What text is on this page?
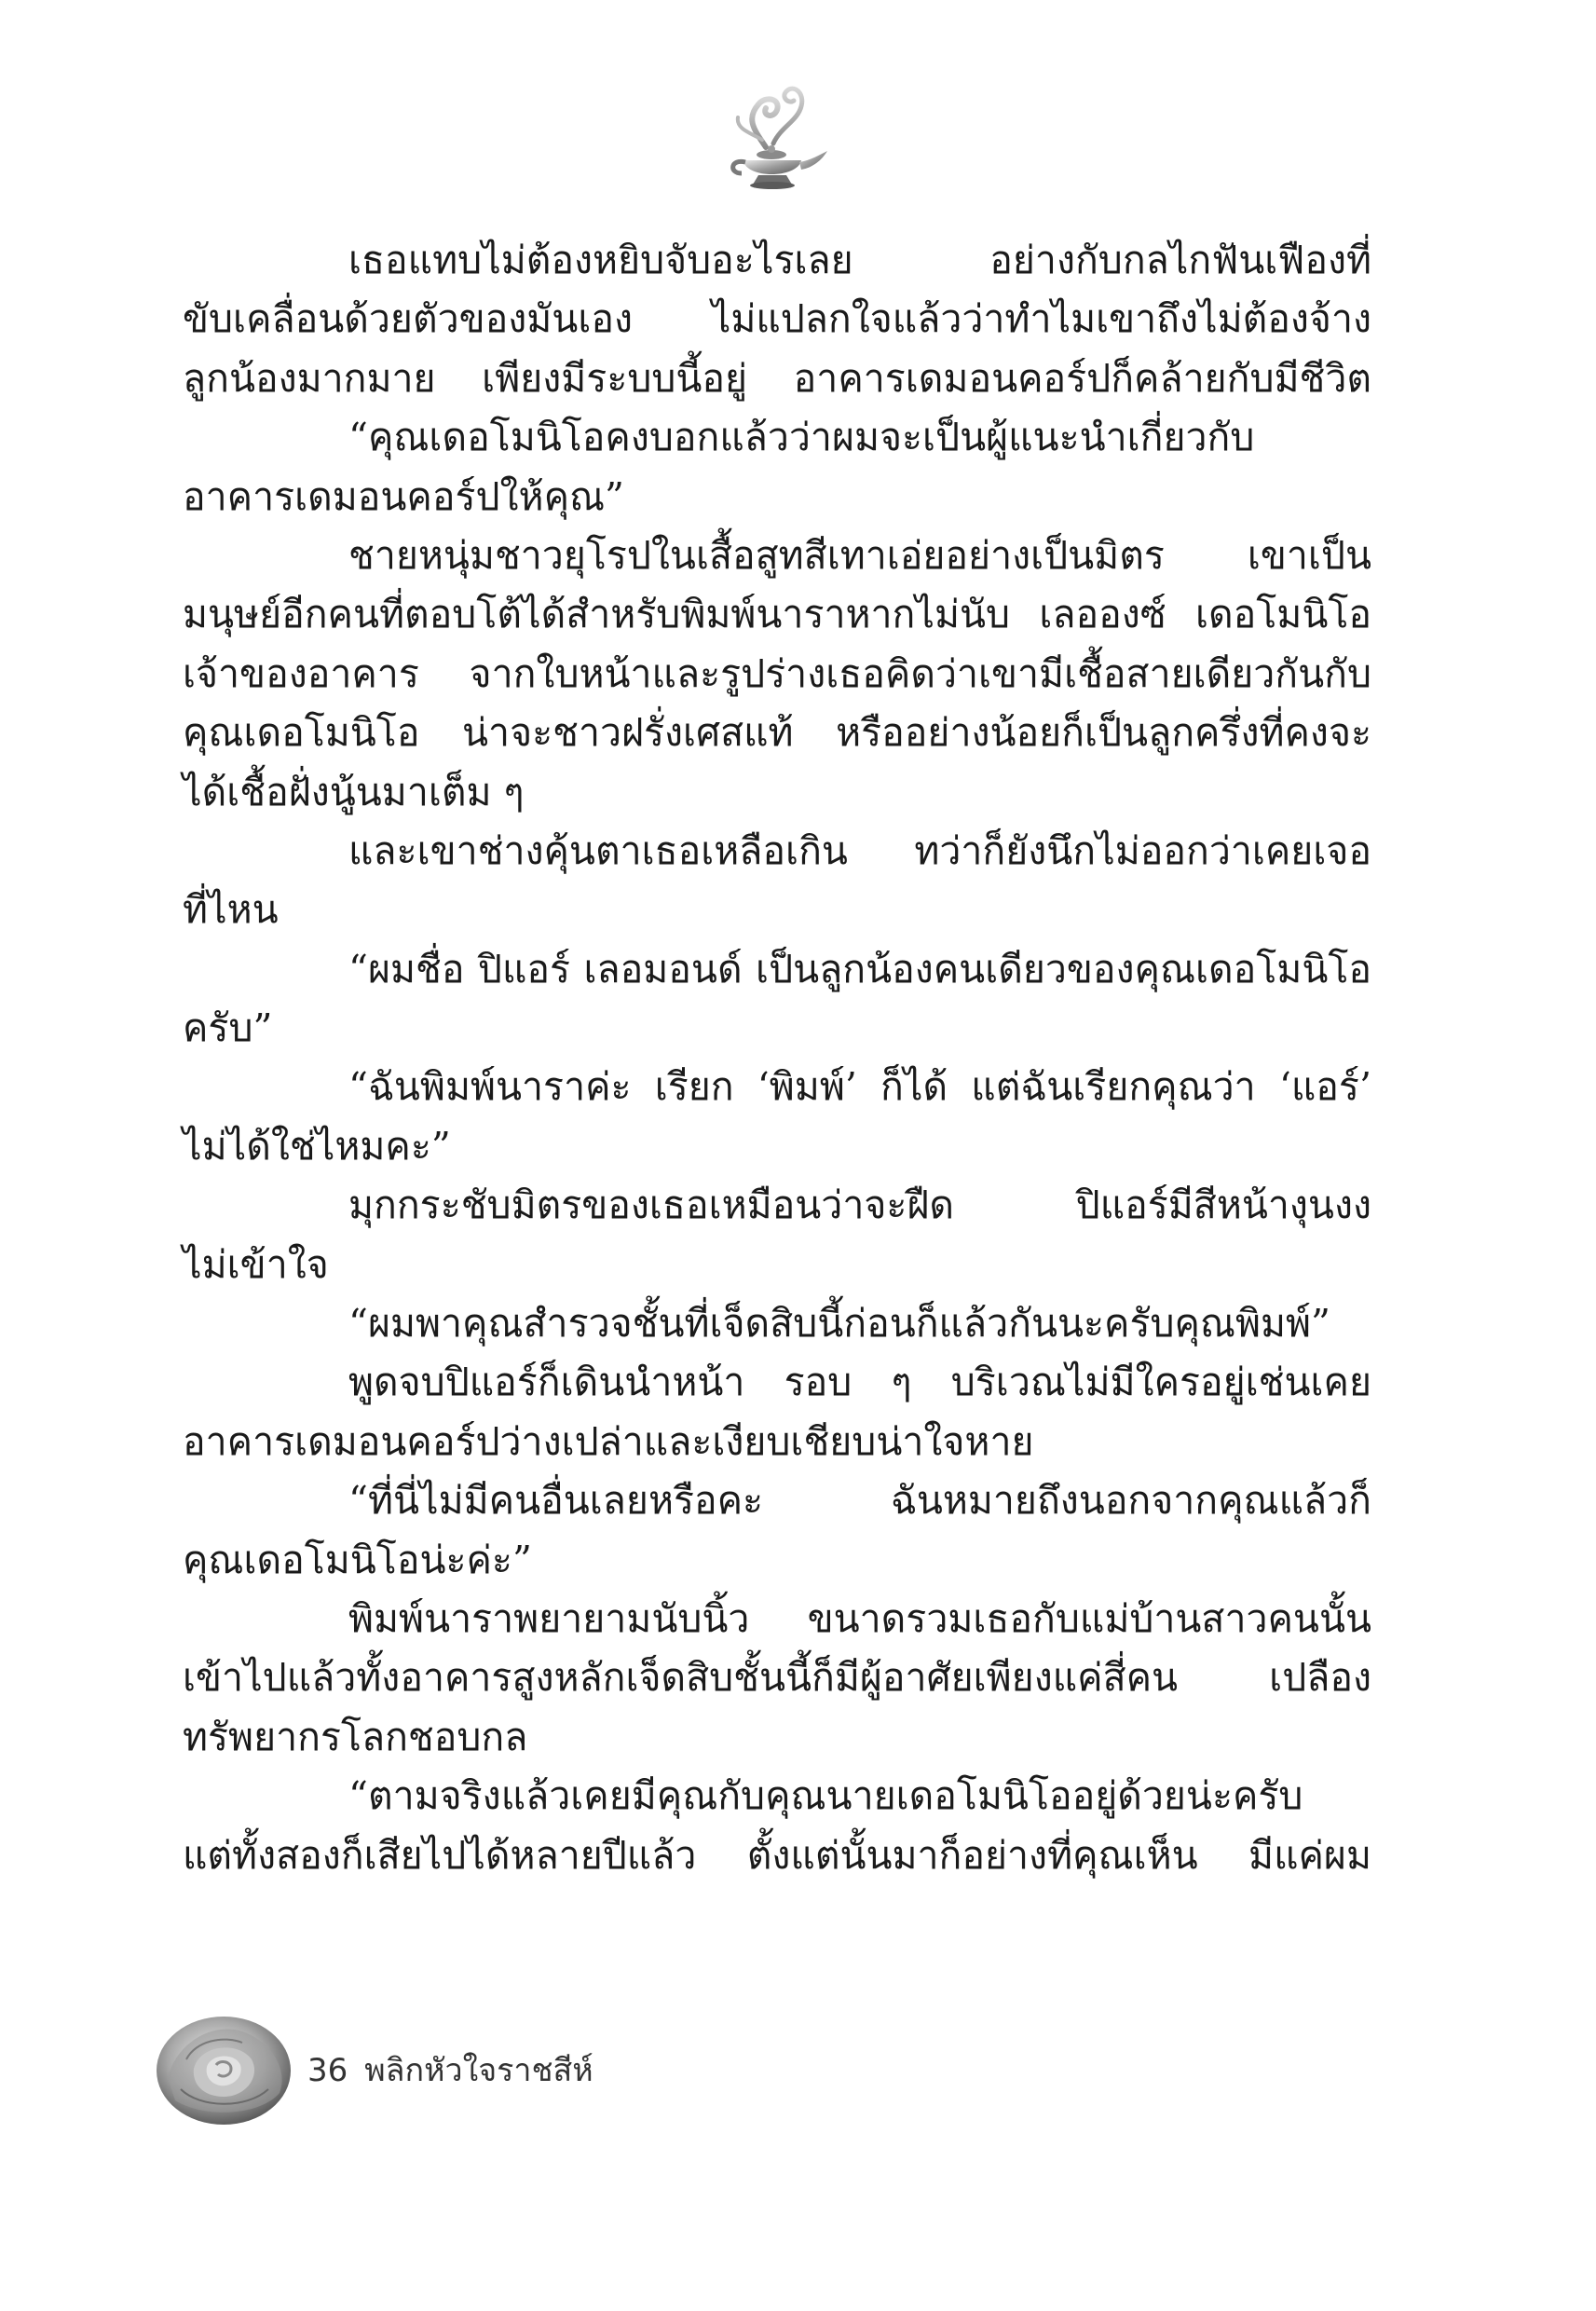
เธอแทบไม่ต้องหยิบจับอะไรเลย อย่างกับกลไกฟันเฟืองที่
ขับเคลื่อนด้วยตัวของมันเอง ไม่แปลกใจแล้วว่าทำไมเขาถึงไม่ต้องจ้าง
ลูกน้องมากมาย เพียงมีระบบนี้อยู่ อาคารเดมอนคอร์ปก็คล้ายกับมีชีวิต
“คุณเดอโมนิโอคงบอกแล้วว่าผมจะเป็นผู้แนะนำเกี่ยวกับ
อาคารเดมอนคอร์ปให้คุณ”
ชายหนุ่มชาวยุโรปในเสื้อสูทสีเทาเอ่ยอย่างเป็นมิตร เขาเป็น
มนุษย์อีกคนที่ตอบโต้ได้สำหรับพิมพ์นาราหากไม่นับ เลอองซ์ เดอโมนิโอ
เจ้าของอาคาร จากใบหน้าและรูปร่างเธอคิดว่าเขามีเชื้อสายเดียวกันกับ
คุณเดอโมนิโอ น่าจะชาวฝรั่งเศสแท้ หรืออย่างน้อยก็เป็นลูกครึ่งที่คงจะ
ได้เชื้อฝั่งนู้นมาเต็ม ๆ
และเขาช่างคุ้นตาเธอเหลือเกิน ทว่าก็ยังนึกไม่ออกว่าเคยเจอ
ที่ไหน
“ผมชื่อ ปิแอร์ เลอมอนด์ เป็นลูกน้องคนเดียวของคุณเดอโมนิโอ
ครับ”
“ฉันพิมพ์นาราค่ะ เรียก ‘พิมพ์’ ก็ได้ แต่ฉันเรียกคุณว่า ‘แอร์’
ไม่ได้ใช่ไหมคะ”
มุกกระชับมิตรของเธอเหมือนว่าจะฝืด ปิแอร์มีสีหน้างุนงง
ไม่เข้าใจ
“ผมพาคุณสำรวจชั้นที่เจ็ดสิบนี้ก่อนก็แล้วกันนะครับคุณพิมพ์”
พูดจบปิแอร์ก็เดินนำหน้า รอบ ๆ บริเวณไม่มีใครอยู่เช่นเคย
อาคารเดมอนคอร์ปว่างเปล่าและเงียบเชียบน่าใจหาย
“ที่นี่ไม่มีคนอื่นเลยหรือคะ ฉันหมายถึงนอกจากคุณแล้วก็
คุณเดอโมนิโอน่ะค่ะ”
พิมพ์นาราพยายามนับนิ้ว ขนาดรวมเธอกับแม่บ้านสาวคนนั้น
เข้าไปแล้วทั้งอาคารสูงหลักเจ็ดสิบชั้นนี้ก็มีผู้อาศัยเพียงแค่สี่คน เปลือง
ทรัพยากรโลกชอบกล
“ตามจริงแล้วเคยมีคุณกับคุณนายเดอโมนิโออยู่ด้วยน่ะครับ
แต่ทั้งสองก็เสียไปได้หลายปีแล้ว ตั้งแต่นั้นมาก็อย่างที่คุณเห็น มีแค่ผม
36 พลิกหัวใจราชสีห์
